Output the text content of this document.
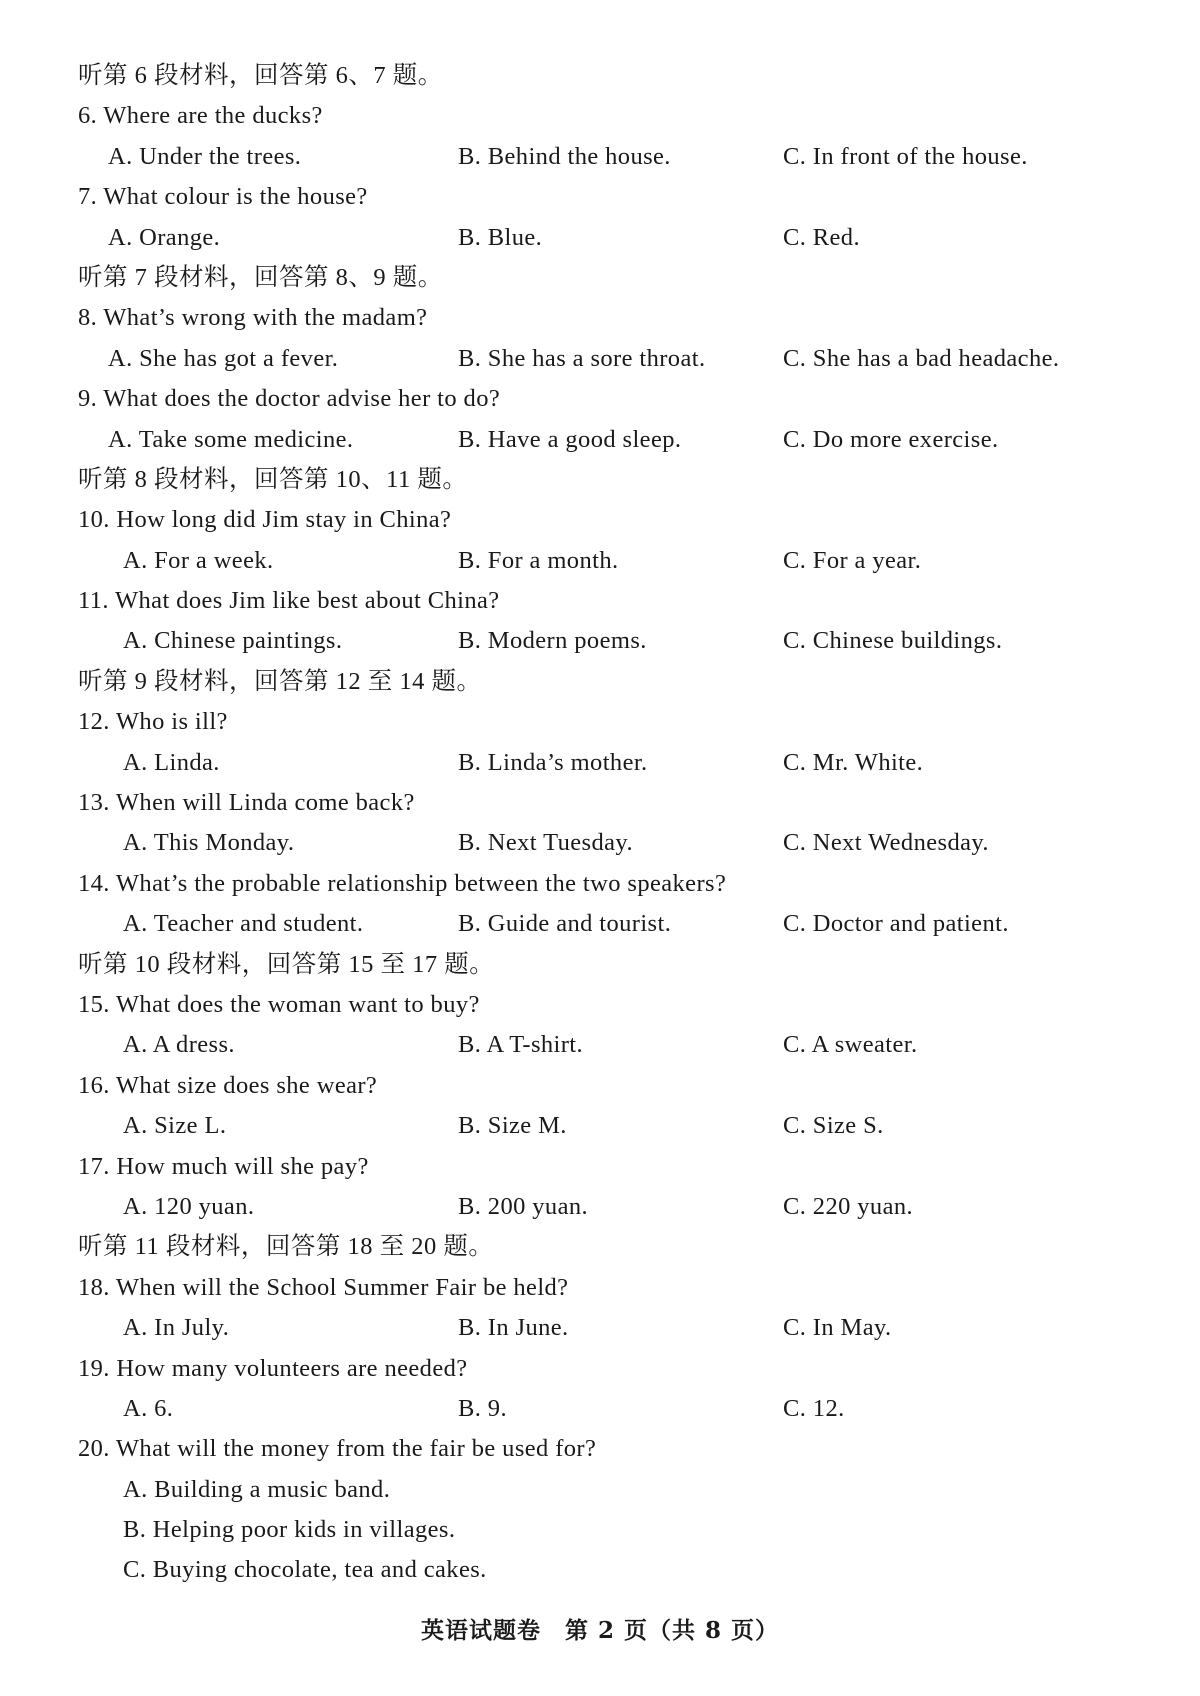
听第 6 段材料，回答第 6、7 题。
6. Where are the ducks?
A. Under the trees.	B. Behind the house.	C. In front of the house.
7. What colour is the house?
A. Orange.	B. Blue.	C. Red.
听第 7 段材料，回答第 8、9 题。
8. What’s wrong with the madam?
A. She has got a fever.	B. She has a sore throat.	C. She has a bad headache.
9. What does the doctor advise her to do?
A. Take some medicine.	B. Have a good sleep.	C. Do more exercise.
听第 8 段材料，回答第 10、11 题。
10. How long did Jim stay in China?
A. For a week.	B. For a month.	C. For a year.
11. What does Jim like best about China?
A. Chinese paintings.	B. Modern poems.	C. Chinese buildings.
听第 9 段材料，回答第 12 至 14 题。
12. Who is ill?
A. Linda.	B. Linda’s mother.	C. Mr. White.
13. When will Linda come back?
A. This Monday.	B. Next Tuesday.	C. Next Wednesday.
14. What’s the probable relationship between the two speakers?
A. Teacher and student.	B. Guide and tourist.	C. Doctor and patient.
听第 10 段材料，回答第 15 至 17 题。
15. What does the woman want to buy?
A. A dress.	B. A T-shirt.	C. A sweater.
16. What size does she wear?
A. Size L.	B. Size M.	C. Size S.
17. How much will she pay?
A. 120 yuan.	B. 200 yuan.	C. 220 yuan.
听第 11 段材料，回答第 18 至 20 题。
18. When will the School Summer Fair be held?
A. In July.	B. In June.	C. In May.
19. How many volunteers are needed?
A. 6.	B. 9.	C. 12.
20. What will the money from the fair be used for?
A. Building a music band.
B. Helping poor kids in villages.
C. Buying chocolate, tea and cakes.
英语试题卷　第 2 页（共 8 页）
